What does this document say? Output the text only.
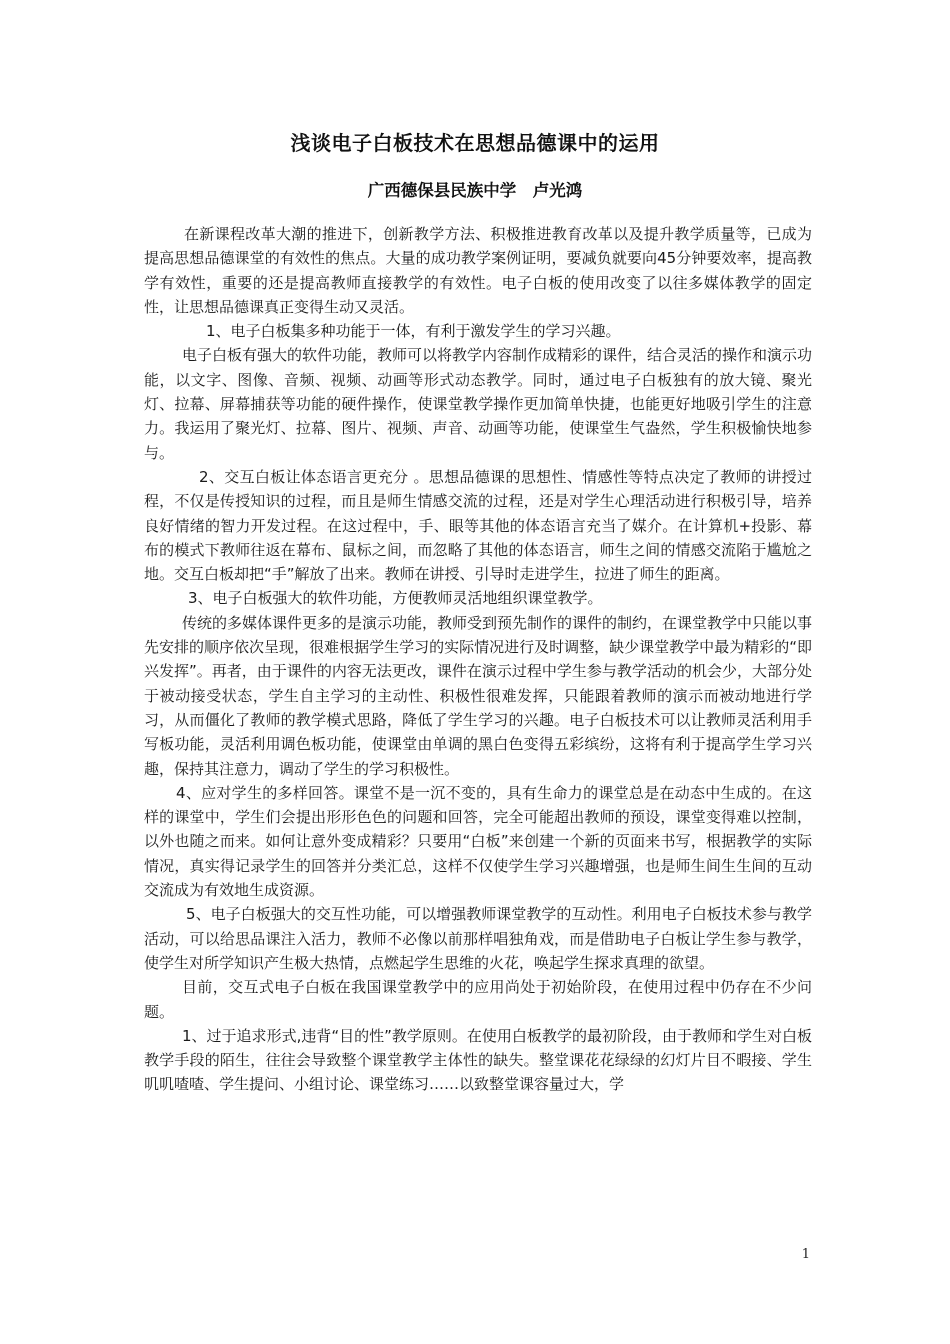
浅谈电子白板技术在思想品德课中的运用
广西德保县民族中学　卢光鸿

在新课程改革大潮的推进下，创新教学方法、积极推进教育改革以及提升教学质量等，已成为提高思想品德课堂的有效性的焦点。大量的成功教学案例证明，要减负就要向45分钟要效率，提高教学有效性，重要的还是提高教师直接教学的有效性。电子白板的使用改变了以往多媒体教学的固定性，让思想品德课真正变得生动又灵活。

1、电子白板集多种功能于一体，有利于激发学生的学习兴趣。

电子白板有强大的软件功能，教师可以将教学内容制作成精彩的课件，结合灵活的操作和演示功能，以文字、图像、音频、视频、动画等形式动态教学。同时，通过电子白板独有的放大镜、聚光灯、拉幕、屏幕捕获等功能的硬件操作，使课堂教学操作更加简单快捷，也能更好地吸引学生的注意力。我运用了聚光灯、拉幕、图片、视频、声音、动画等功能，使课堂生气盎然，学生积极愉快地参与。

2、交互白板让体态语言更充分 。思想品德课的思想性、情感性等特点决定了教师的讲授过程，不仅是传授知识的过程，而且是师生情感交流的过程，还是对学生心理活动进行积极引导，培养良好情绪的智力开发过程。在这过程中，手、眼等其他的体态语言充当了媒介。在计算机+投影、幕布的模式下教师往返在幕布、鼠标之间，而忽略了其他的体态语言，师生之间的情感交流陷于尴尬之地。交互白板却把“手”解放了出来。教师在讲授、引导时走进学生，拉进了师生的距离。

3、电子白板强大的软件功能，方便教师灵活地组织课堂教学。

传统的多媒体课件更多的是演示功能，教师受到预先制作的课件的制约，在课堂教学中只能以事先安排的顺序依次呈现，很难根据学生学习的实际情况进行及时调整，缺少课堂教学中最为精彩的“即兴发挥”。再者，由于课件的内容无法更改，课件在演示过程中学生参与教学活动的机会少，大部分处于被动接受状态，学生自主学习的主动性、积极性很难发挥，只能跟着教师的演示而被动地进行学习，从而僵化了教师的教学模式思路，降低了学生学习的兴趣。电子白板技术可以让教师灵活利用手写板功能，灵活利用调色板功能，使课堂由单调的黑白色变得五彩缤纷，这将有利于提高学生学习兴趣，保持其注意力，调动了学生的学习积极性。

4、应对学生的多样回答。课堂不是一沉不变的，具有生命力的课堂总是在动态中生成的。在这样的课堂中，学生们会提出形形色色的问题和回答，完全可能超出教师的预设，课堂变得难以控制，以外也随之而来。如何让意外变成精彩？只要用“白板”来创建一个新的页面来书写，根据教学的实际情况，真实得记录学生的回答并分类汇总，这样不仅使学生学习兴趣增强，也是师生间生生间的互动交流成为有效地生成资源。

5、电子白板强大的交互性功能，可以增强教师课堂教学的互动性。利用电子白板技术参与教学活动，可以给思品课注入活力，教师不必像以前那样唱独角戏，而是借助电子白板让学生参与教学，使学生对所学知识产生极大热情，点燃起学生思维的火花，唤起学生探求真理的欲望。

目前，交互式电子白板在我国课堂教学中的应用尚处于初始阶段，在使用过程中仍存在不少问题。

1、过于追求形式,违背“目的性”教学原则。在使用白板教学的最初阶段，由于教师和学生对白板教学手段的陌生，往往会导致整个课堂教学主体性的缺失。整堂课花花绿绿的幻灯片目不暇接、学生叽叽喳喳、学生提问、小组讨论、课堂练习……以致整堂课容量过大，学

1
